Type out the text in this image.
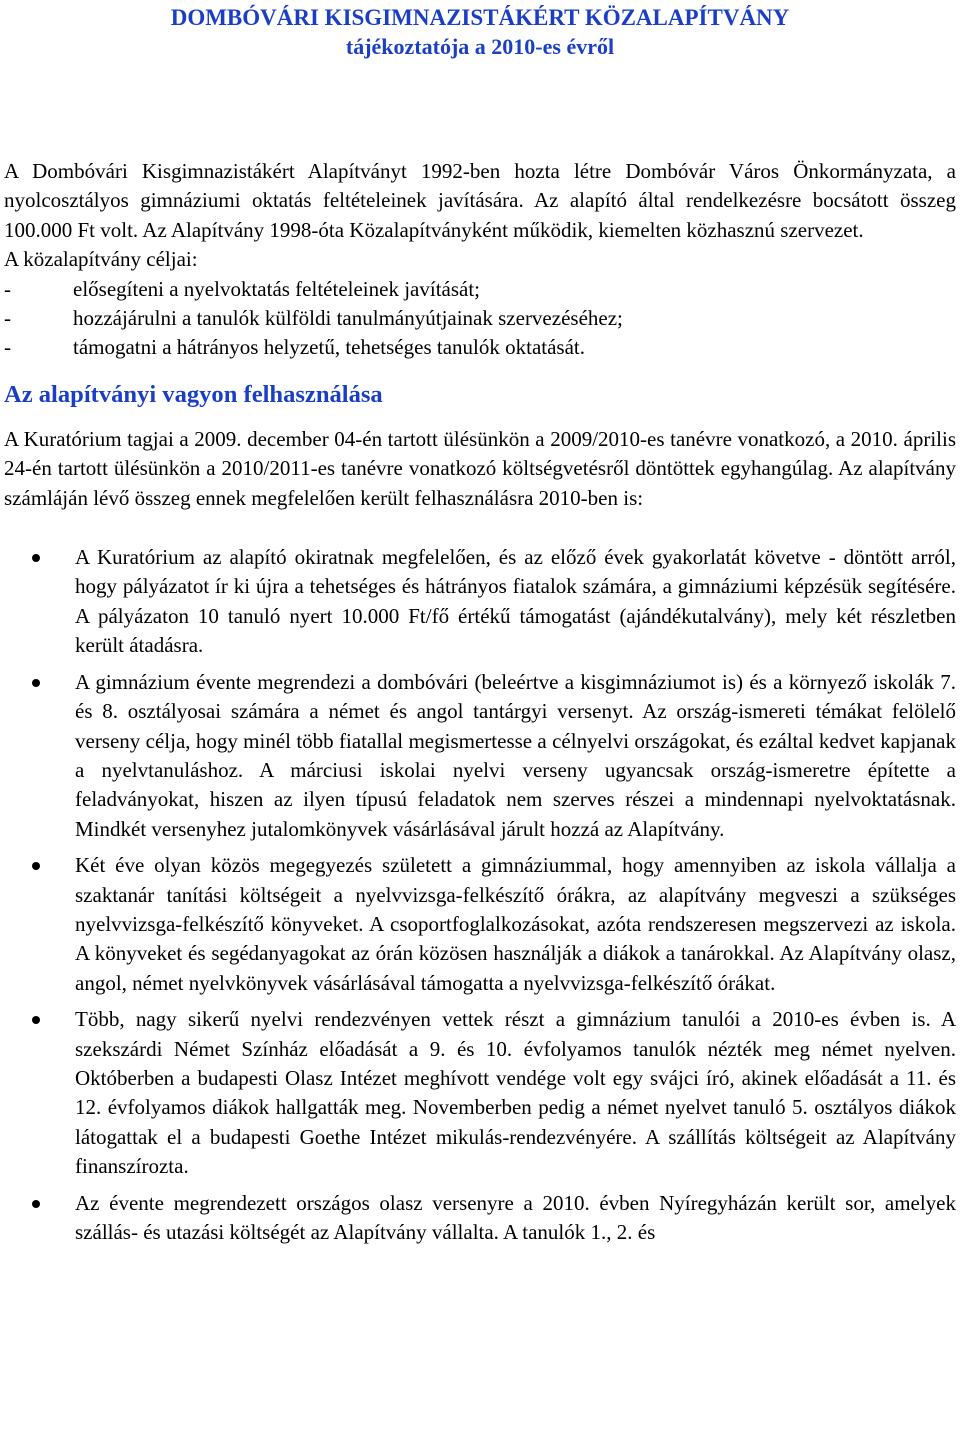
DOMBÓVÁRI KISGIMNAZISTÁKÉRT KÖZALAPÍTVÁNY
tájékoztatója a 2010-es évről

A Dombóvári Kisgimnazistákért Alapítványt 1992-ben hozta létre Dombóvár Város Önkormányzata, a nyolcosztályos gimnáziumi oktatás feltételeinek javítására. Az alapító által rendelkezésre bocsátott összeg 100.000 Ft volt. Az Alapítvány 1998-óta Közalapítványként működik, kiemelten közhasznú szervezet.

A közalapítvány céljai:

-	elősegíteni a nyelvoktatás feltételeinek javítását;
-	hozzájárulni a tanulók külföldi tanulmányútjainak szervezéséhez;
-	támogatni a hátrányos helyzetű, tehetséges tanulók oktatását.
Az alapítványi vagyon felhasználása

A Kuratórium tagjai a 2009. december 04-én tartott ülésünkön a 2009/2010-es tanévre vonatkozó, a 2010. április 24-én tartott ülésünkön a 2010/2011-es tanévre vonatkozó költségvetésről döntöttek egyhangúlag. Az alapítvány számláján lévő összeg ennek megfelelően került felhasználásra 2010-ben is:

A Kuratórium az alapító okiratnak megfelelően, és az előző évek gyakorlatát követve - döntött arról, hogy pályázatot ír ki újra a tehetséges és hátrányos fiatalok számára, a gimnáziumi képzésük segítésére. A pályázaton 10 tanuló nyert 10.000 Ft/fő értékű támogatást (ajándékutalvány), mely két részletben került átadásra.
A gimnázium évente megrendezi a dombóvári (beleértve a kisgimnáziumot is) és a környező iskolák 7. és 8. osztályosai számára a német és angol tantárgyi versenyt. Az ország-ismereti témákat felölelő verseny célja, hogy minél több fiatallal megismertesse a célnyelvi országokat, és ezáltal kedvet kapjanak a nyelvtanuláshoz. A márciusi iskolai nyelvi verseny ugyancsak ország-ismeretre építette a feladványokat, hiszen az ilyen típusú feladatok nem szerves részei a mindennapi nyelvoktatásnak. Mindkét versenyhez jutalomkönyvek vásárlásával járult hozzá az Alapítvány.
Két éve olyan közös megegyezés született a gimnáziummal, hogy amennyiben az iskola vállalja a szaktanár tanítási költségeit a nyelvvizsga-felkészítő órákra, az alapítvány megveszi a szükséges nyelvvizsga-felkészítő könyveket. A csoportfoglalkozásokat, azóta rendszeresen megszervezi az iskola. A könyveket és segédanyagokat az órán közösen használják a diákok a tanárokkal. Az Alapítvány olasz, angol, német nyelvkönyvek vásárlásával támogatta a nyelvvizsga-felkészítő órákat.
Több, nagy sikerű nyelvi rendezvényen vettek részt a gimnázium tanulói a 2010-es évben is. A szekszárdi Német Színház előadását a 9. és 10. évfolyamos tanulók nézték meg német nyelven. Októberben a budapesti Olasz Intézet meghívott vendége volt egy svájci író, akinek előadását a 11. és 12. évfolyamos diákok hallgatták meg. Novemberben pedig a német nyelvet tanuló 5. osztályos diákok látogattak el a budapesti Goethe Intézet mikulás-rendezvényére. A szállítás költségeit az Alapítvány finanszírozta.
Az évente megrendezett országos olasz versenyre a 2010. évben Nyíregyházán került sor, amelyek szállás- és utazási költségét az Alapítvány vállalta. A tanulók 1., 2. és
